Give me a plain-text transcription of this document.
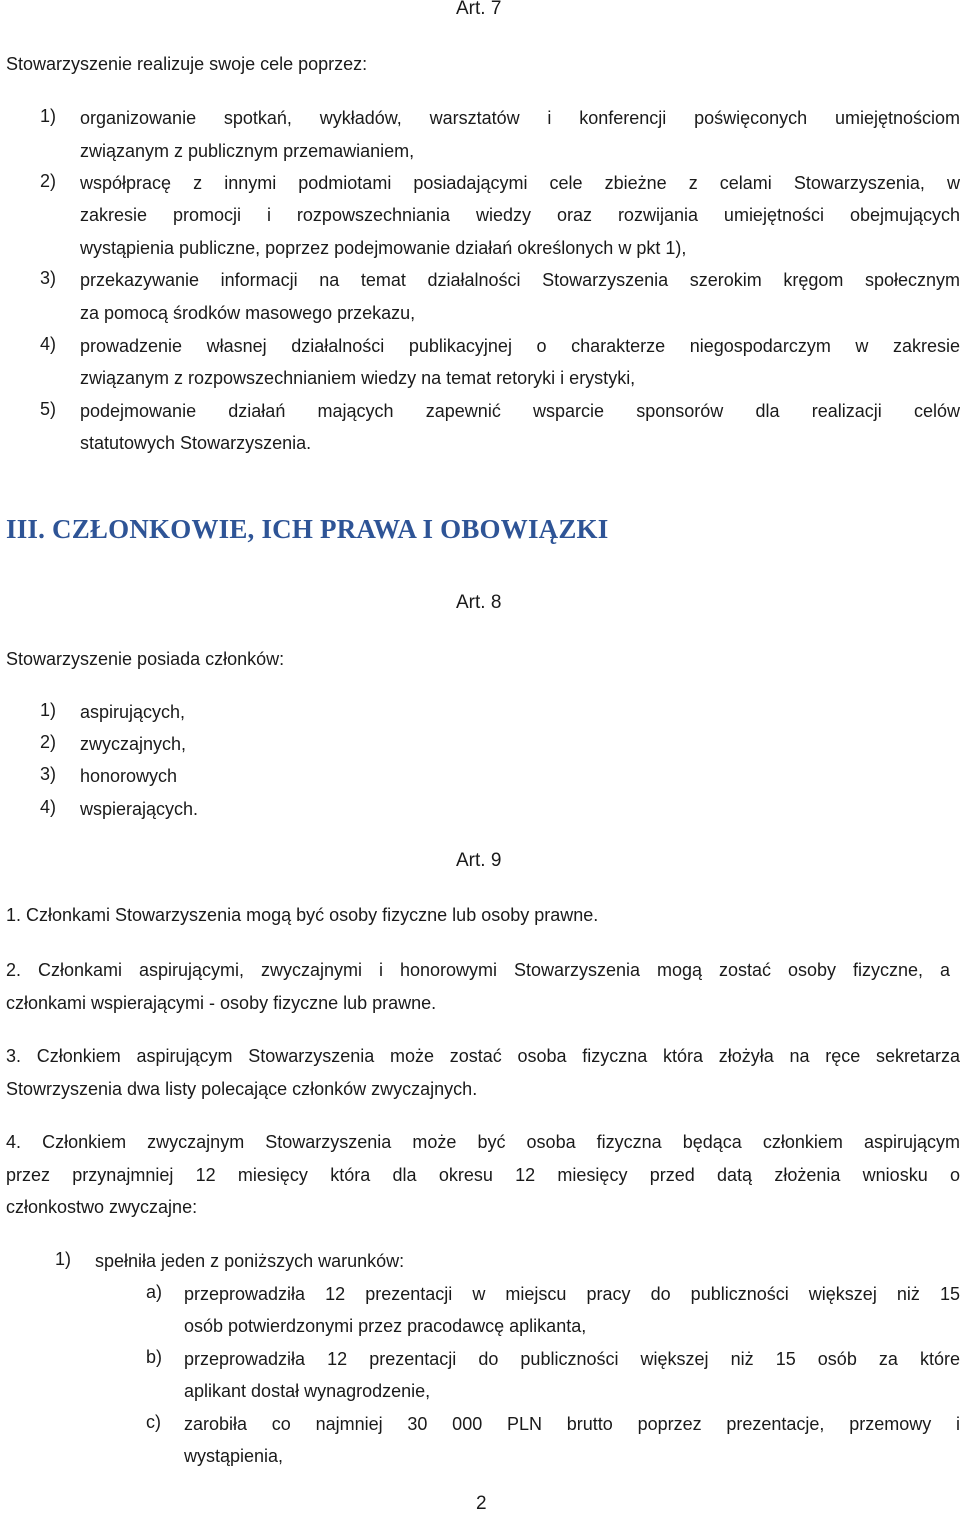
Art. 7
Stowarzyszenie realizuje swoje cele poprzez:
1) organizowanie spotkań, wykładów, warsztatów i konferencji poświęconych umiejętnościom
związanym z publicznym przemawianiem,
2) współpracę z innymi podmiotami posiadającymi cele zbieżne z celami Stowarzyszenia, w
zakresie promocji i rozpowszechniania wiedzy oraz rozwijania umiejętności obejmujących
wystąpienia publiczne, poprzez podejmowanie działań określonych w pkt 1),
3) przekazywanie informacji na temat działalności Stowarzyszenia szerokim kręgom społecznym
za pomocą środków masowego przekazu,
4) prowadzenie własnej działalności publikacyjnej o charakterze niegospodarczym w zakresie
związanym z rozpowszechnianiem wiedzy na temat retoryki i erystyki,
5) podejmowanie działań mających zapewnić wsparcie sponsorów dla realizacji celów
statutowych Stowarzyszenia.
III. CZŁONKOWIE, ICH PRAWA I OBOWIĄZKI
Art. 8
Stowarzyszenie posiada członków:
1) aspirujących,
2) zwyczajnych,
3) honorowych
4) wspierających.
Art. 9
1. Członkami Stowarzyszenia mogą być osoby fizyczne lub osoby prawne.
2. Członkami aspirującymi, zwyczajnymi i honorowymi Stowarzyszenia mogą zostać osoby fizyczne, a
członkami wspierającymi - osoby fizyczne lub prawne.
3. Członkiem aspirującym Stowarzyszenia może zostać osoba fizyczna która złożyła na ręce sekretarza
Stowrzyszenia dwa listy polecające członków zwyczajnych.
4. Członkiem zwyczajnym Stowarzyszenia może być osoba fizyczna będąca członkiem aspirującym
przez przynajmniej 12 miesięcy która dla okresu 12 miesięcy przed datą złożenia wniosku o
członkostwo zwyczajne:
1) spełniła jeden z poniższych warunków:
a) przeprowadziła 12 prezentacji w miejscu pracy do publiczności większej niż 15
osób potwierdzonymi przez pracodawcę aplikanta,
b) przeprowadziła 12 prezentacji do publiczności większej niż 15 osób za które
aplikant dostał wynagrodzenie,
c) zarobiła co najmniej 30 000 PLN brutto poprzez prezentacje, przemowy i
wystąpienia,
2
